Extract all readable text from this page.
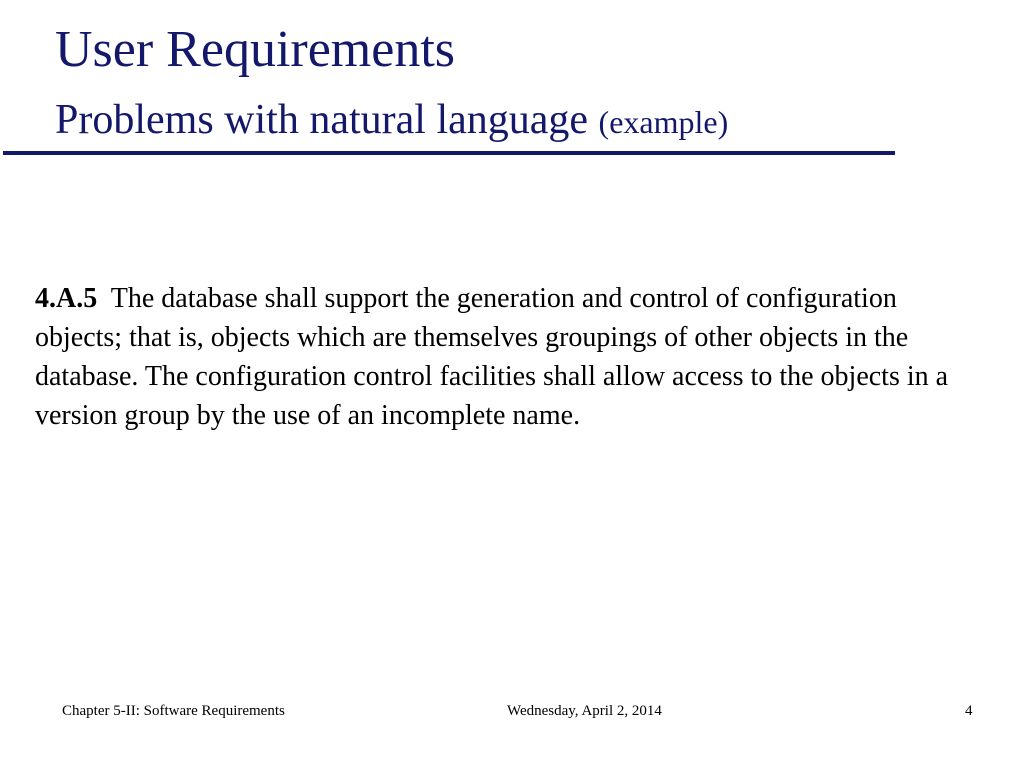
User Requirements
Problems with natural language (example)

4.A.5 The database shall support the generation and control of configuration objects; that is, objects which are themselves groupings of other objects in the database. The configuration control facilities shall allow access to the objects in a version group by the use of an incomplete name.

Chapter 5-II: Software Requirements	Wednesday, April 2, 2014	4
